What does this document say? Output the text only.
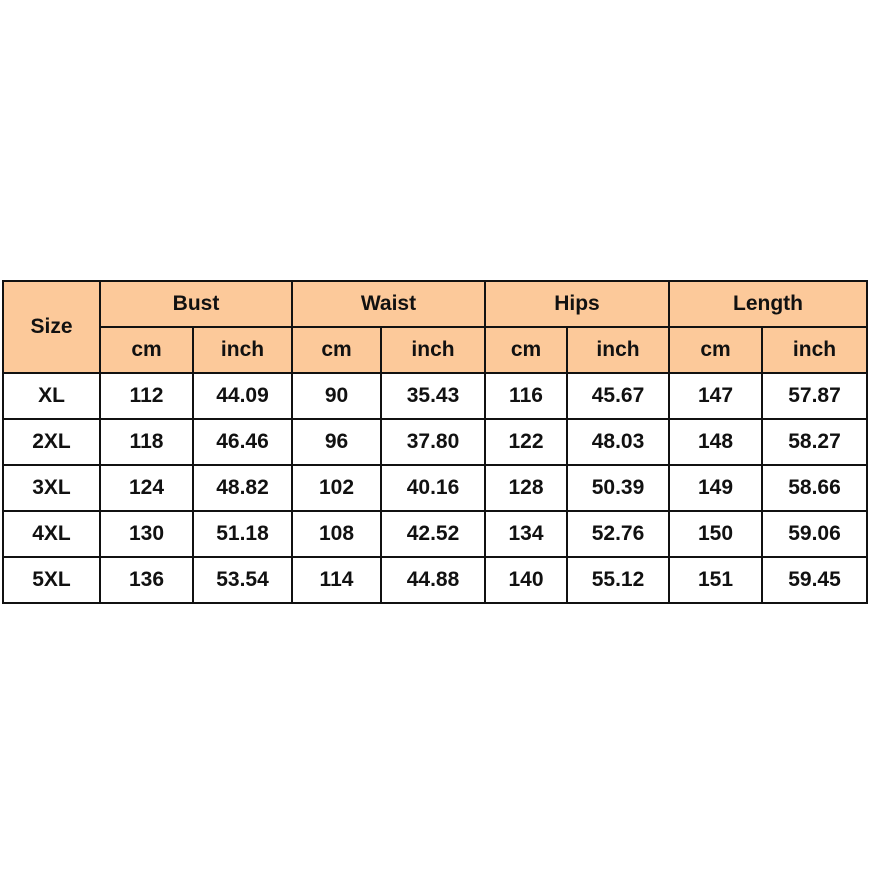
Size	Bust		Waist		Hips		Length	
	cm	inch	cm	inch	cm	inch	cm	inch
XL	112	44.09	90	35.43	116	45.67	147	57.87
2XL	118	46.46	96	37.80	122	48.03	148	58.27
3XL	124	48.82	102	40.16	128	50.39	149	58.66
4XL	130	51.18	108	42.52	134	52.76	150	59.06
5XL	136	53.54	114	44.88	140	55.12	151	59.45
